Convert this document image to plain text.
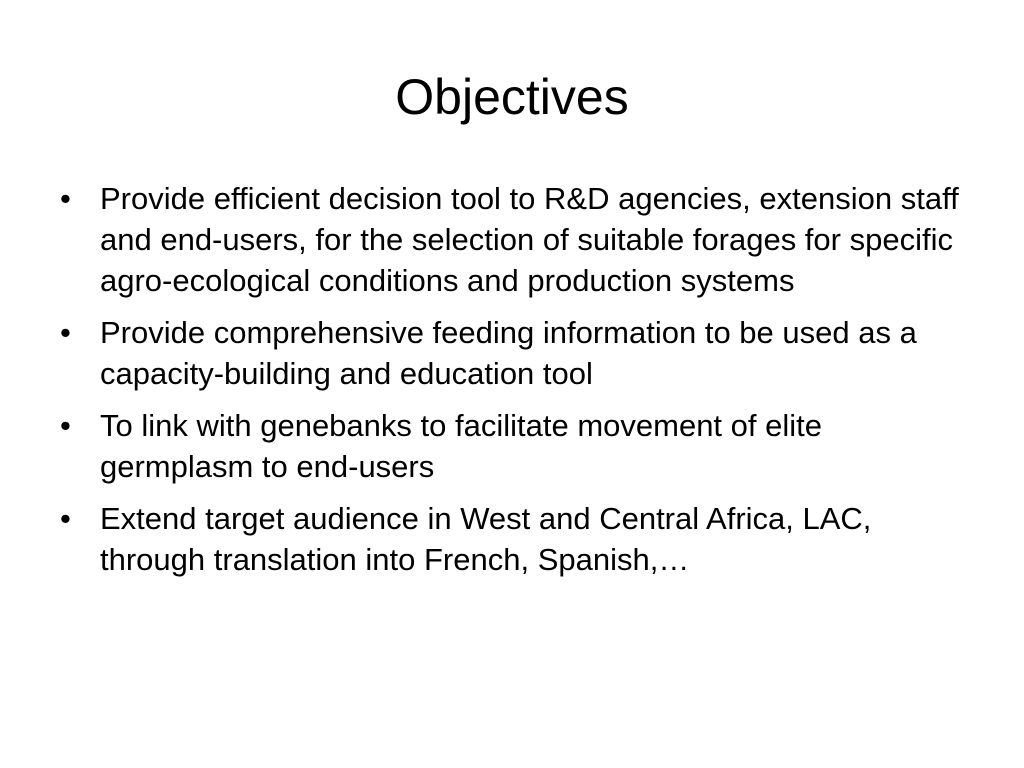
Objectives
• Provide efficient decision tool to R&D agencies, extension staff and end-users, for the selection of suitable forages for specific agro-ecological conditions and production systems
• Provide comprehensive feeding information to be used as a capacity-building and education tool
• To link with genebanks to facilitate movement of elite germplasm to end-users
• Extend target audience in West and Central Africa, LAC, through translation into French, Spanish,…
